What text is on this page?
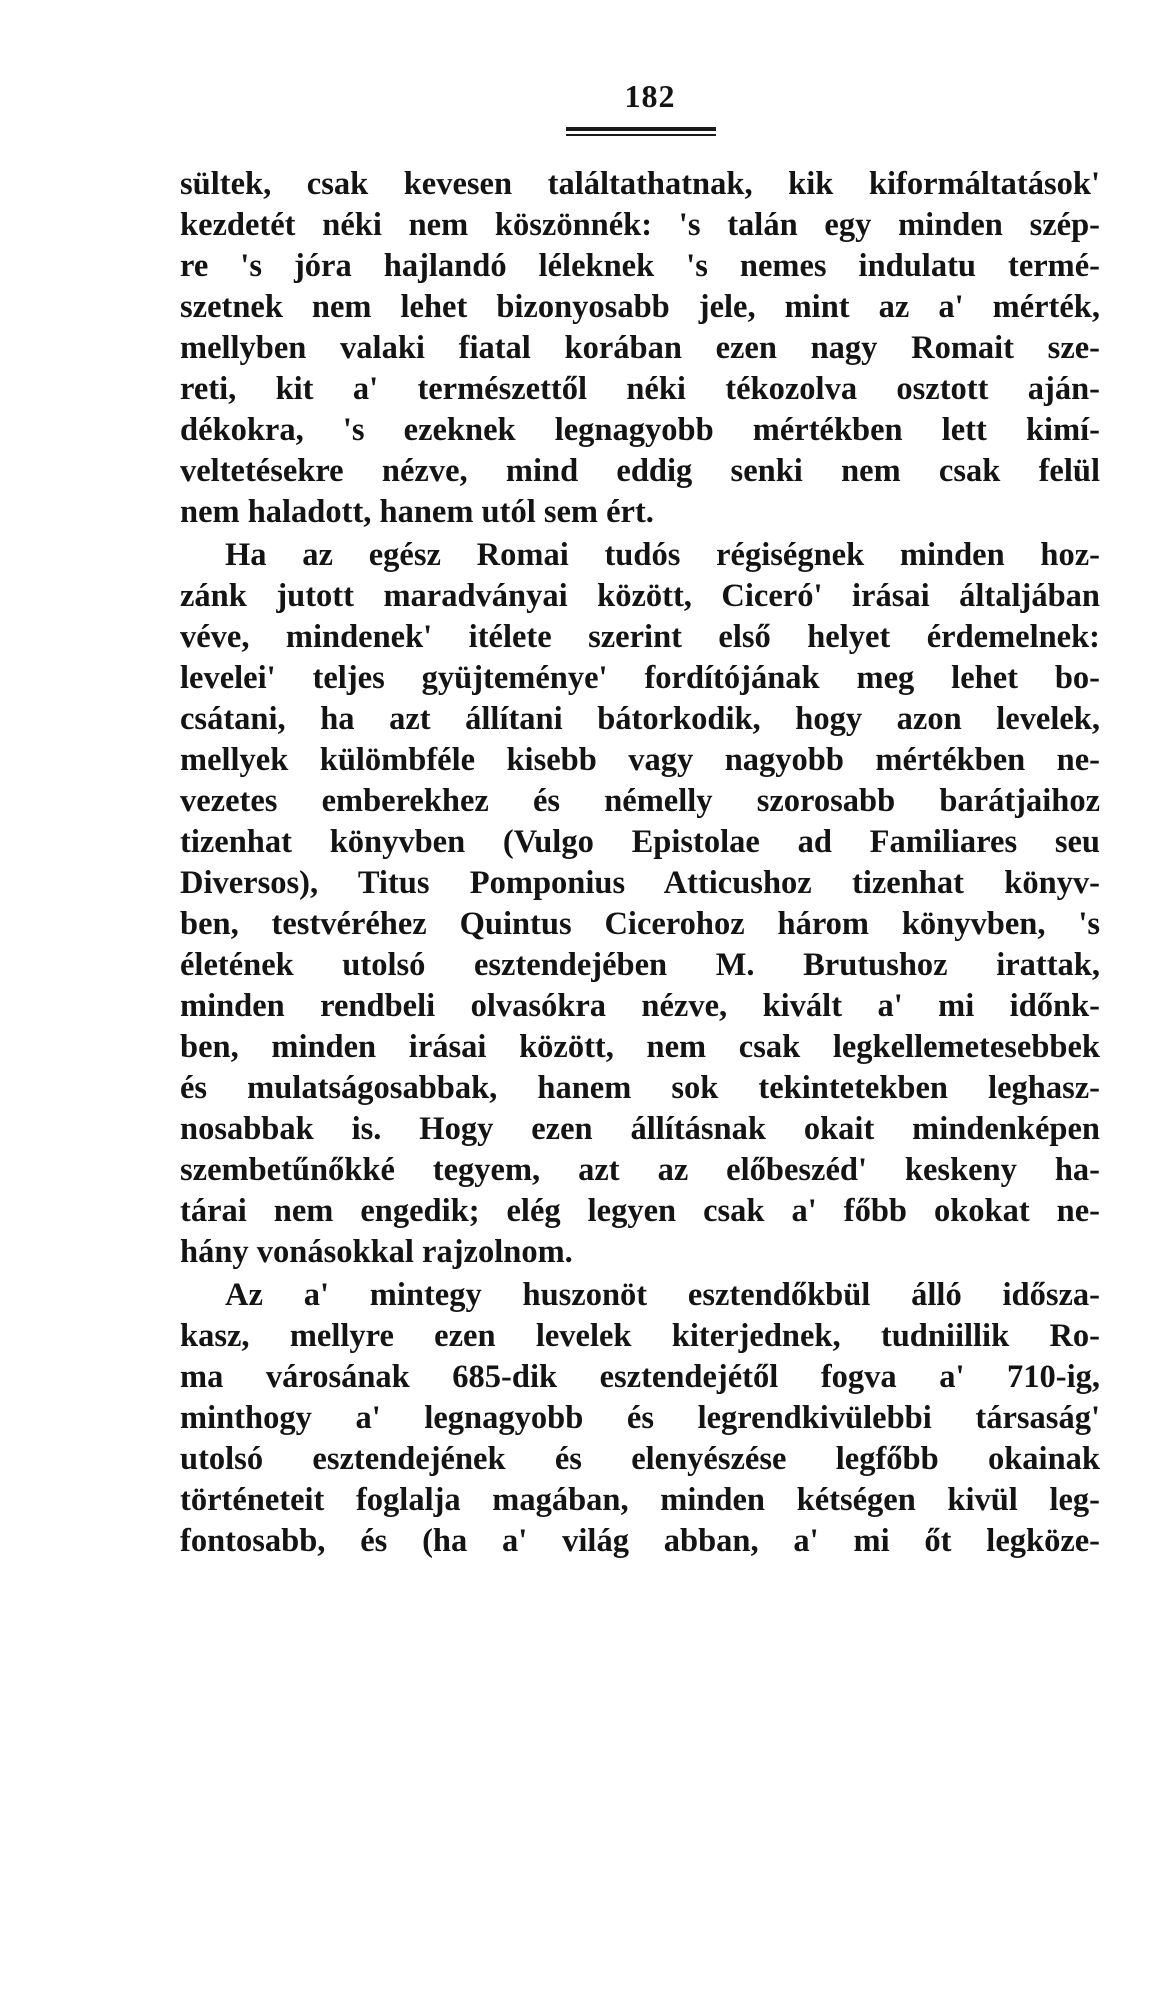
182
sültek, csak kevesen találtathatnak, kik kiformáltatások'
kezdetét néki nem köszönnék: 's talán egy minden szép-
re 's jóra hajlandó léleknek 's nemes indulatu termé-
szetnek nem lehet bizonyosabb jele, mint az a' mérték,
mellyben valaki fiatal korában ezen nagy Romait sze-
reti, kit a' természettől néki tékozolva osztott aján-
dékokra, 's ezeknek legnagyobb mértékben lett kimí-
veltetésekre nézve, mind eddig senki nem csak felül
nem haladott, hanem utól sem ért.
Ha az egész Romai tudós régiségnek minden hoz-
zánk jutott maradványai között, Ciceró' irásai általjában
véve, mindenek' itélete szerint első helyet érdemelnek:
levelei' teljes gyüjteménye' fordítójának meg lehet bo-
csátani, ha azt állítani bátorkodik, hogy azon levelek,
mellyek külömbféle kisebb vagy nagyobb mértékben ne-
vezetes emberekhez és némelly szorosabb barátjaihoz
tizenhat könyvben (Vulgo Epistolae ad Familiares seu
Diversos), Titus Pomponius Atticushoz tizenhat könyv-
ben, testvéréhez Quintus Cicerohoz három könyvben, 's
életének utolsó esztendejében M. Brutushoz irattak,
minden rendbeli olvasókra nézve, kivált a' mi időnk-
ben, minden irásai között, nem csak legkellemetesebbek
és mulatságosabbak, hanem sok tekintetekben leghasz-
nosabbak is. Hogy ezen állításnak okait mindenképen
szembetűnőkké tegyem, azt az előbeszéd' keskeny ha-
tárai nem engedik; elég legyen csak a' főbb okokat ne-
hány vonásokkal rajzolnom.
Az a' mintegy huszonöt esztendőkbül álló idősza-
kasz, mellyre ezen levelek kiterjednek, tudniillik Ro-
ma városának 685-dik esztendejétől fogva a' 710-ig,
minthogy a' legnagyobb és legrendkivülebbi társaság'
utolsó esztendejének és elenyészése legfőbb okainak
történeteit foglalja magában, minden kétségen kivül leg-
fontosabb, és (ha a' világ abban, a' mi őt legköze-
